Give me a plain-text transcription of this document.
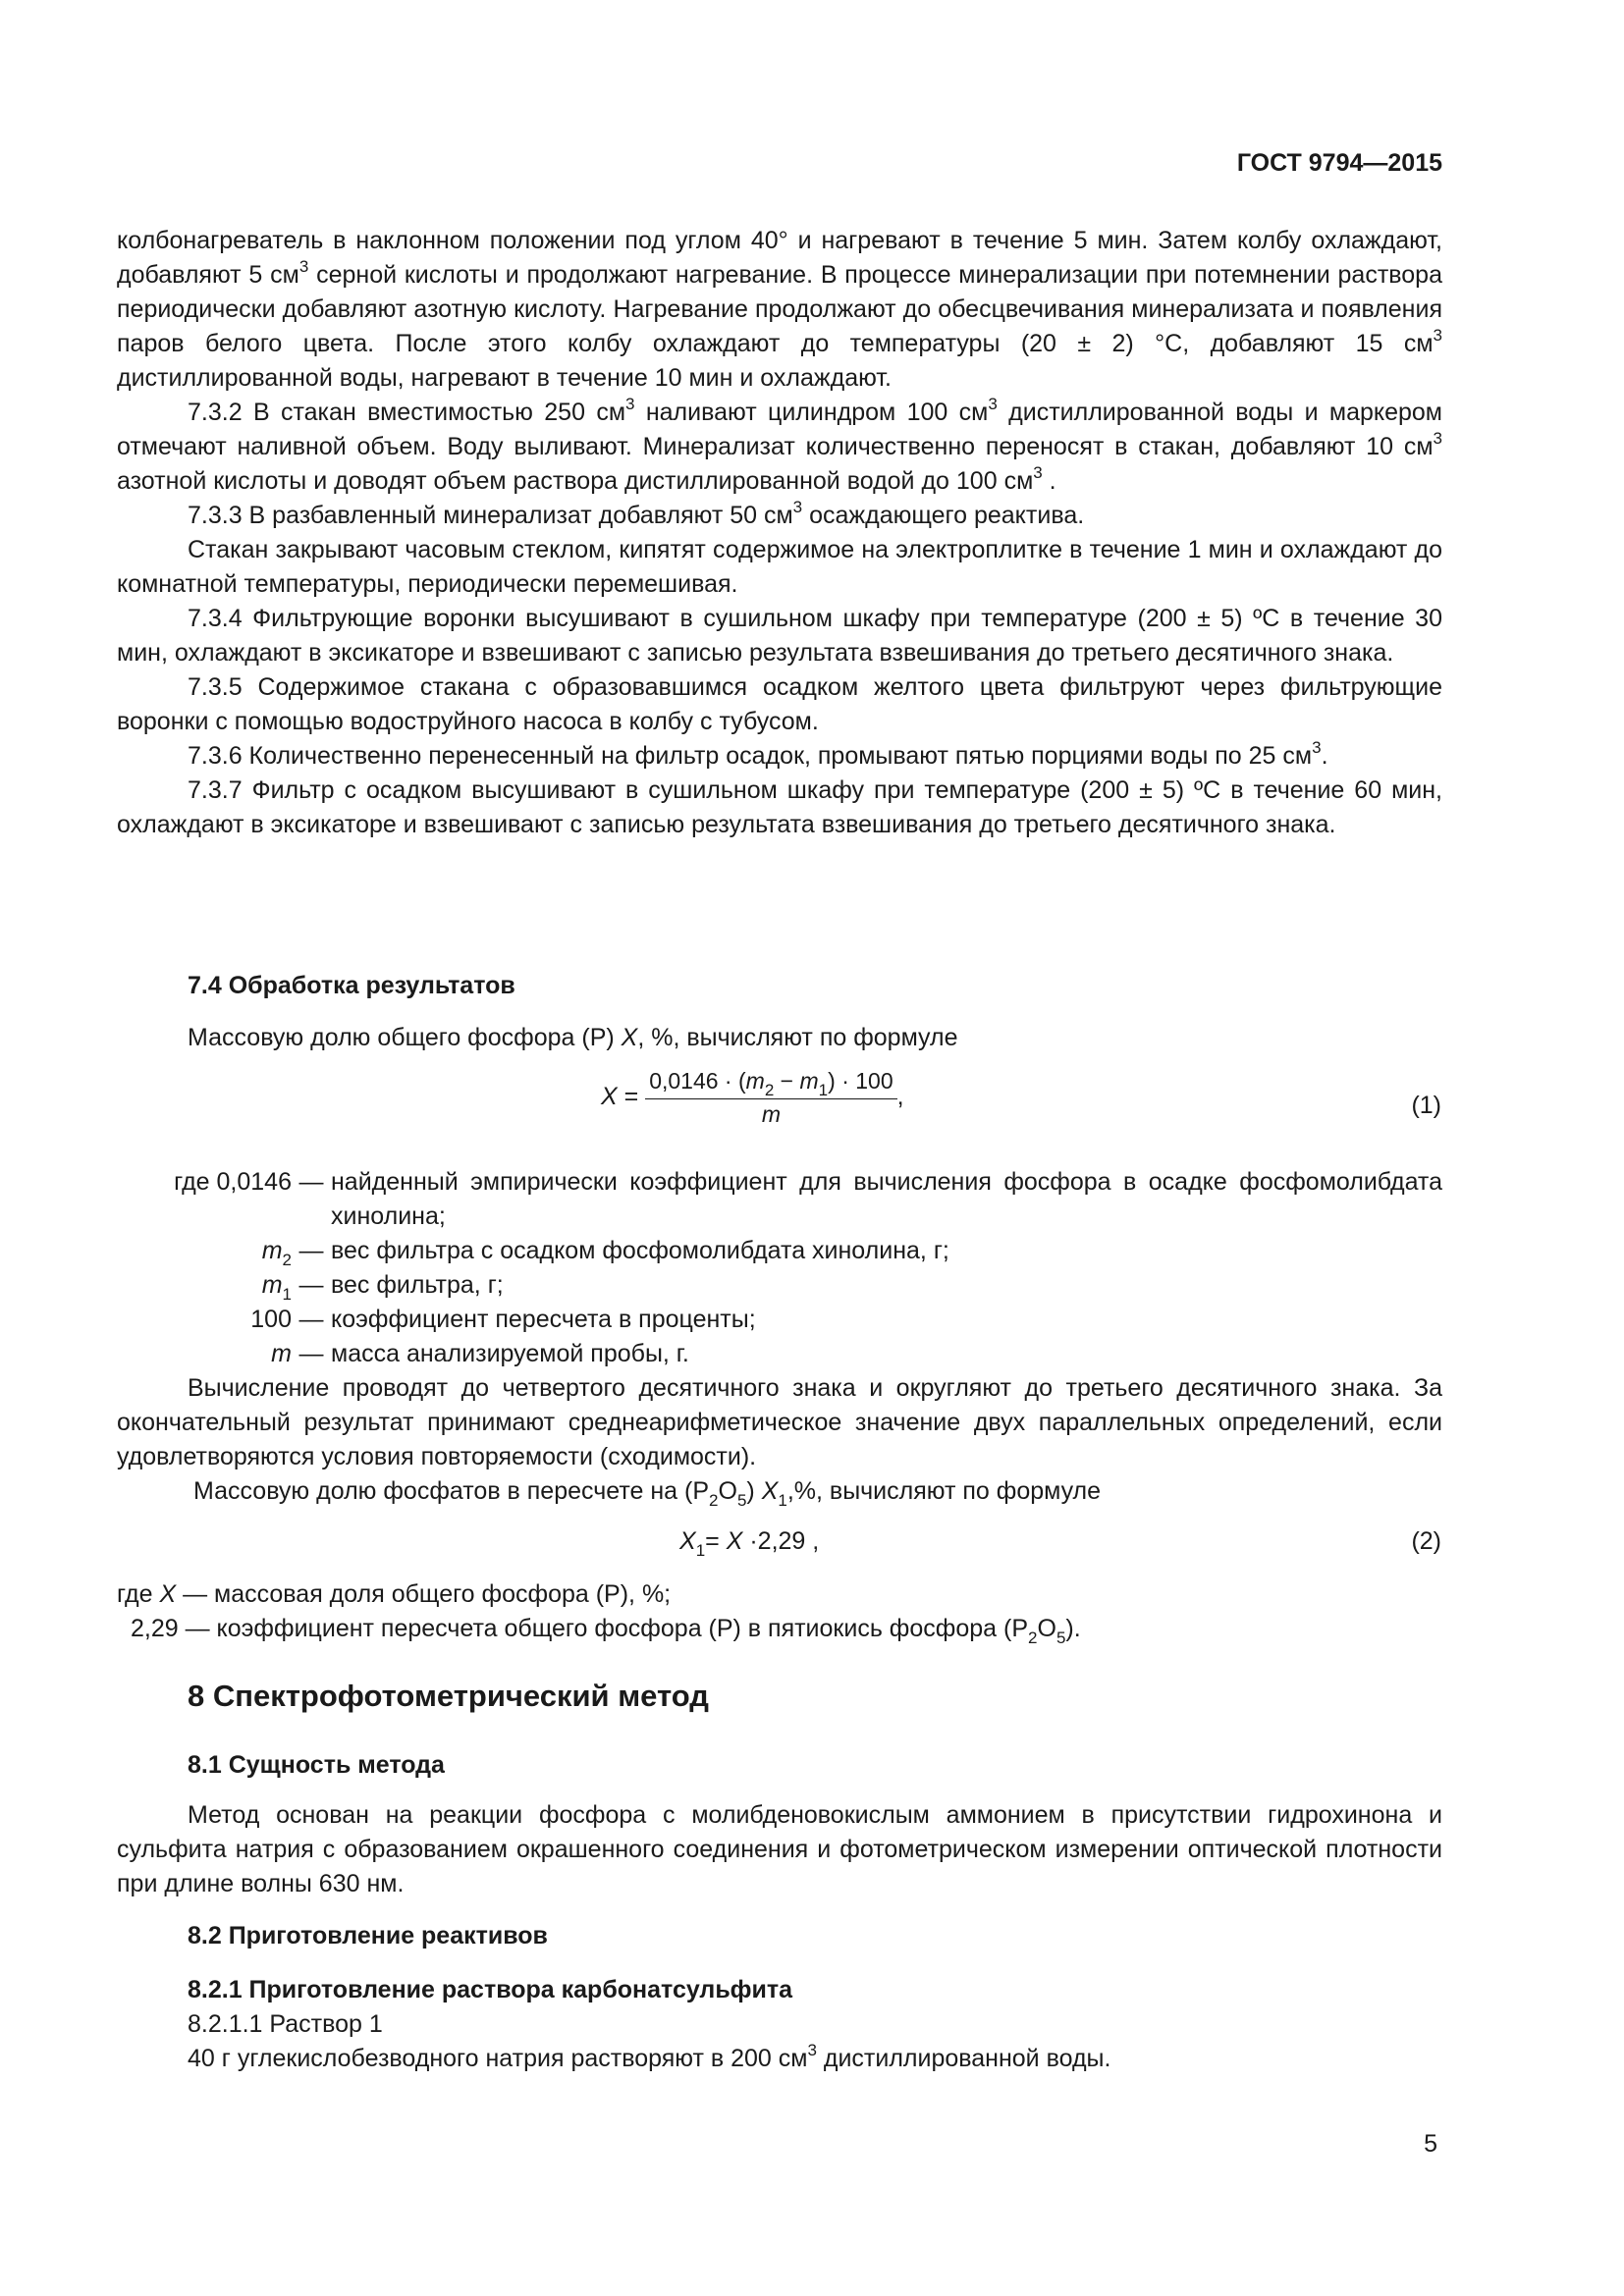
ГОСТ 9794—2015

колбонагреватель в наклонном положении под углом 40° и нагревают в течение 5 мин. Затем колбу охлаждают, добавляют 5 $см^3$ серной кислоты и продолжают нагревание. В процессе минерализации при потемнении раствора периодически добавляют азотную кислоту. Нагревание продолжают до обесцвечивания минерализата и появления паров белого цвета. После этого колбу охлаждают до температуры (20 ± 2) °С, добавляют 15 $см^3$ дистиллированной воды, нагревают в течение 10 мин и охлаждают.

7.3.2 В стакан вместимостью 250 $см^3$ наливают цилиндром 100 $см^3$ дистиллированной воды и маркером отмечают наливной объем. Воду выливают. Минерализат количественно переносят в стакан, добавляют 10 $см^3$ азотной кислоты и доводят объем раствора дистиллированной водой до 100 $см^3$ .

7.3.3 В разбавленный минерализат добавляют 50 $см^3$ осаждающего реактива.

Стакан закрывают часовым стеклом, кипятят содержимое на электроплитке в течение 1 мин и охлаждают до комнатной температуры, периодически перемешивая.

7.3.4 Фильтрующие воронки высушивают в сушильном шкафу при температуре (200 ± 5) ºС в течение 30 мин, охлаждают в эксикаторе и взвешивают с записью результата взвешивания до третьего десятичного знака.

7.3.5 Содержимое стакана с образовавшимся осадком желтого цвета фильтруют через фильтрующие воронки с помощью водоструйного насоса в колбу с тубусом.

7.3.6 Количественно перенесенный на фильтр осадок, промывают пятью порциями воды по 25 $см^3$.

7.3.7 Фильтр с осадком высушивают в сушильном шкафу при температуре (200 ± 5) ºС в течение 60 мин, охлаждают в эксикаторе и взвешивают с записью результата взвешивания до третьего десятичного знака.

7.4 Обработка результатов

Массовую долю общего фосфора (Р) X, %, вычисляют по формуле

$X = \frac{0,0146 \cdot (m_2 - m_1) \cdot 100}{m}$ ,	(1)
где 0,0146 — найденный эмпирически коэффициент для вычисления фосфора в осадке фосфомолибдата хинолина;
$m_2$ — вес фильтра с осадком фосфомолибдата хинолина, г;
$m_1$ — вес фильтра, г;
100 — коэффициент пересчета в проценты;
m — масса анализируемой пробы, г.

Вычисление проводят до четвертого десятичного знака и округляют до третьего десятичного знака. За окончательный результат принимают среднеарифметическое значение двух параллельных определений, если удовлетворяются условия повторяемости (сходимости).

Массовую долю фосфатов в пересчете на $(Р_2О_5)$ $X_1,\%$, вычисляют по формуле

$X_1= X \cdot 2,29$ ,	(2)

где X — массовая доля общего фосфора (Р), %;

2,29 — коэффициент пересчета общего фосфора (Р) в пятиокись фосфора $(Р_2О_5)$.

8 Спектрофотометрический метод
8.1 Сущность метода

Метод основан на реакции фосфора с молибденовокислым аммонием в присутствии гидрохинона и сульфита натрия с образованием окрашенного соединения и фотометрическом измерении оптической плотности при длине волны 630 нм.

8.2 Приготовление реактивов
8.2.1 Приготовление раствора карбонатсульфита

8.2.1.1 Раствор 1

40 г углекислобезводного натрия растворяют в 200 $см^3$ дистиллированной воды.

5
